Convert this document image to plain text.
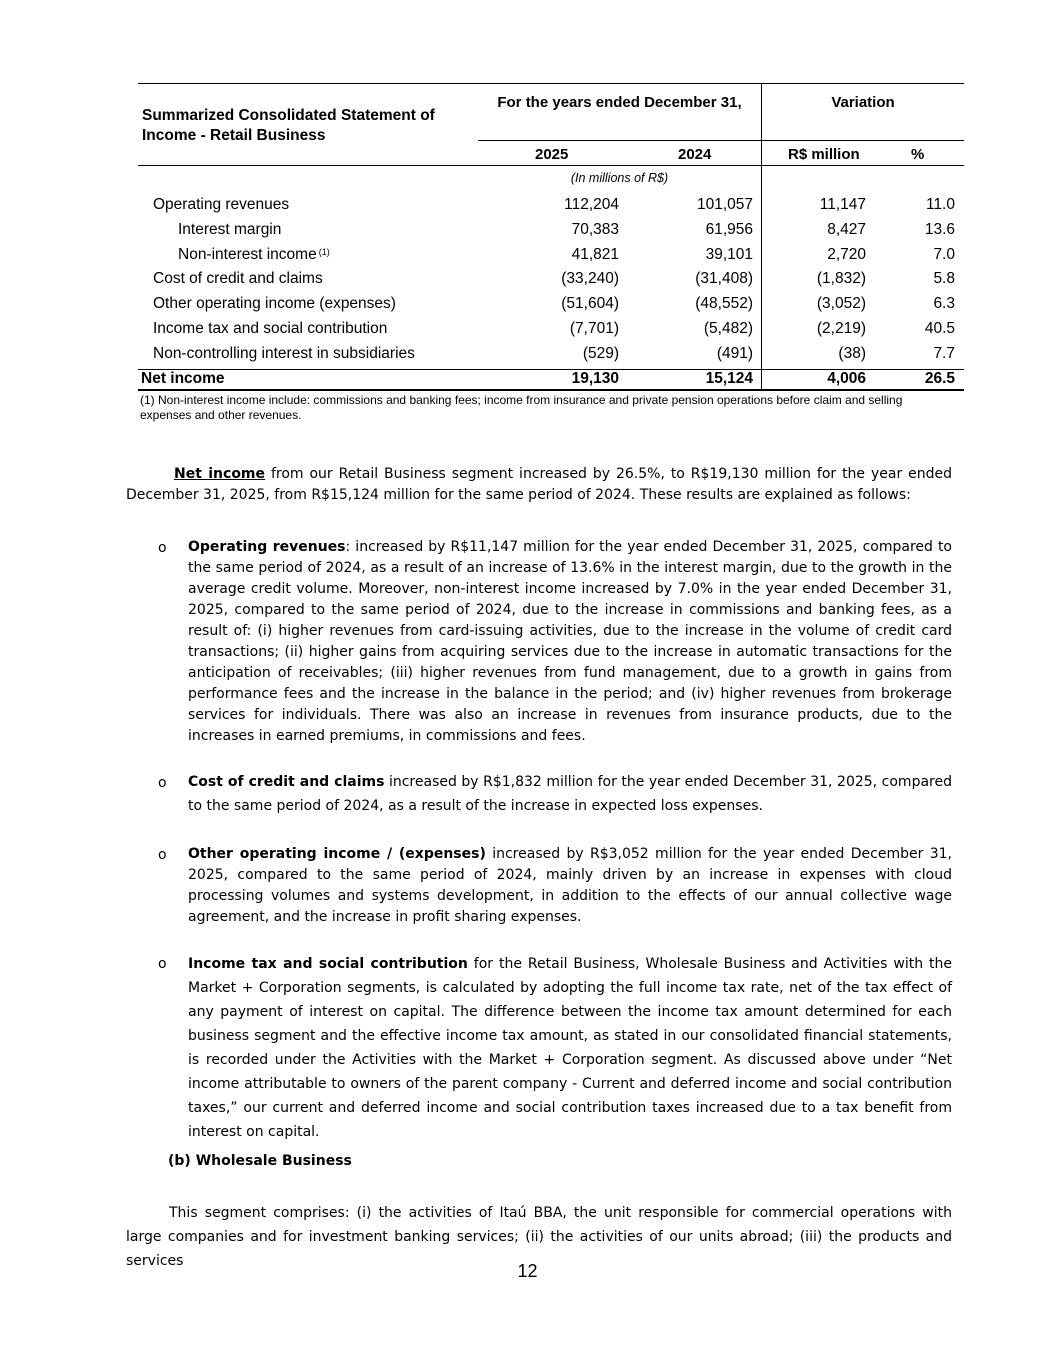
Summarized Consolidated Statement of Income - Retail Business
For the years ended December 31,	Variation
2025	2024	R$ million	%
(In millions of R$)
Operating revenues	112,204	101,057	11,147	11.0
Interest margin	70,383	61,956	8,427	13.6
Non-interest income $^{(1)}$	41,821	39,101	2,720	7.0
Cost of credit and claims	(33,240)	(31,408)	(1,832)	5.8
Other operating income (expenses)	(51,604)	(48,552)	(3,052)	6.3
Income tax and social contribution	(7,701)	(5,482)	(2,219)	40.5
Non-controlling interest in subsidiaries	(529)	(491)	(38)	7.7
Net income	19,130	15,124	4,006	26.5
(1) Non-interest income include: commissions and banking fees; income from insurance and private pension operations before claim and selling expenses and other revenues.
Net income from our Retail Business segment increased by 26.5%, to R$19,130 million for the year ended December 31, 2025, from R$15,124 million for the same period of 2024. These results are explained as follows:
o Operating revenues: increased by R$11,147 million for the year ended December 31, 2025, compared to the same period of 2024, as a result of an increase of 13.6% in the interest margin, due to the growth in the average credit volume. Moreover, non-interest income increased by 7.0% in the year ended December 31, 2025, compared to the same period of 2024, due to the increase in commissions and banking fees, as a result of: (i) higher revenues from card-issuing activities, due to the increase in the volume of credit card transactions; (ii) higher gains from acquiring services due to the increase in automatic transactions for the anticipation of receivables; (iii) higher revenues from fund management, due to a growth in gains from performance fees and the increase in the balance in the period; and (iv) higher revenues from brokerage services for individuals. There was also an increase in revenues from insurance products, due to the increases in earned premiums, in commissions and fees.
o Cost of credit and claims increased by R$1,832 million for the year ended December 31, 2025, compared to the same period of 2024, as a result of the increase in expected loss expenses.
o Other operating income / (expenses) increased by R$3,052 million for the year ended December 31, 2025, compared to the same period of 2024, mainly driven by an increase in expenses with cloud processing volumes and systems development, in addition to the effects of our annual collective wage agreement, and the increase in profit sharing expenses.
o Income tax and social contribution for the Retail Business, Wholesale Business and Activities with the Market + Corporation segments, is calculated by adopting the full income tax rate, net of the tax effect of any payment of interest on capital. The difference between the income tax amount determined for each business segment and the effective income tax amount, as stated in our consolidated financial statements, is recorded under the Activities with the Market + Corporation segment. As discussed above under “Net income attributable to owners of the parent company - Current and deferred income and social contribution taxes,” our current and deferred income and social contribution taxes increased due to a tax benefit from interest on capital.
(b) Wholesale Business
This segment comprises: (i) the activities of Itaú BBA, the unit responsible for commercial operations with large companies and for investment banking services; (ii) the activities of our units abroad; (iii) the products and services	12
